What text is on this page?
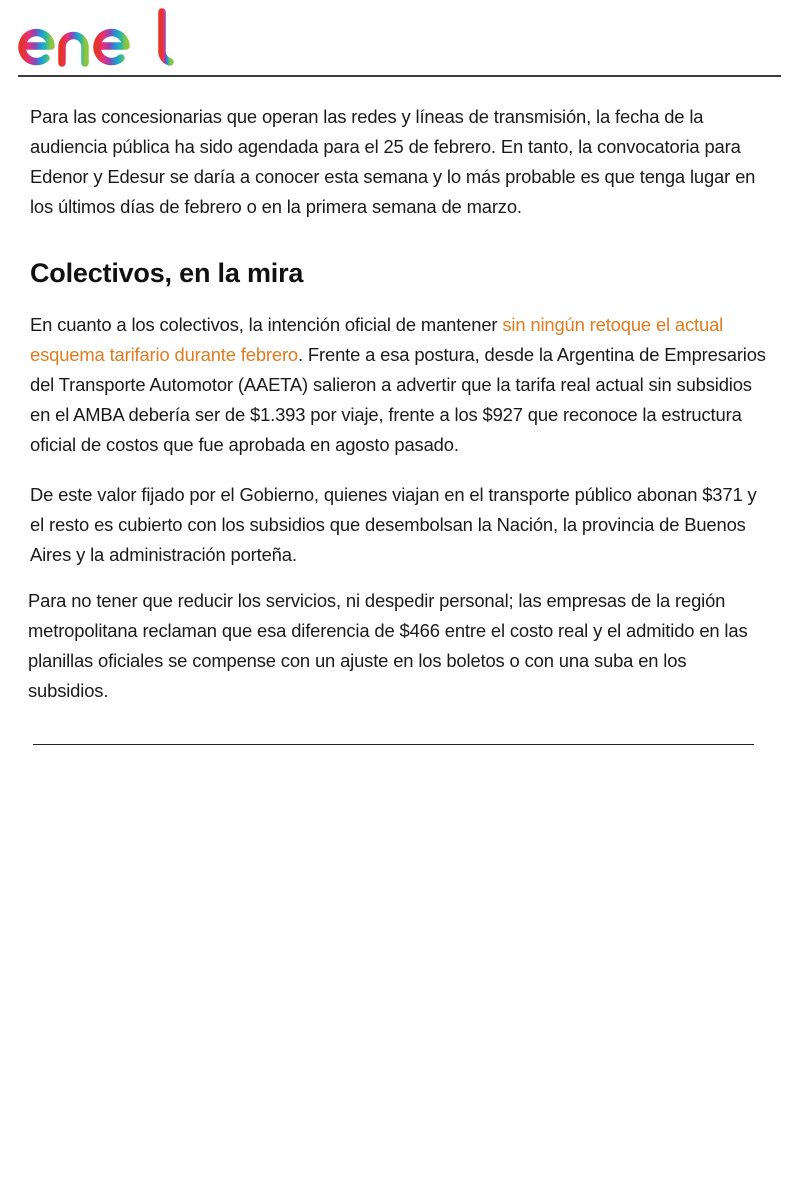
Para las concesionarias que operan las redes y líneas de transmisión, la fecha de la audiencia pública ha sido agendada para el 25 de febrero. En tanto, la convocatoria para Edenor y Edesur se daría a conocer esta semana y lo más probable es que tenga lugar en los últimos días de febrero o en la primera semana de marzo.

Colectivos, en la mira

En cuanto a los colectivos, la intención oficial de mantener sin ningún retoque el actual esquema tarifario durante febrero. Frente a esa postura, desde la Argentina de Empresarios del Transporte Automotor (AAETA) salieron a advertir que la tarifa real actual sin subsidios en el AMBA debería ser de $1.393 por viaje, frente a los $927 que reconoce la estructura oficial de costos que fue aprobada en agosto pasado.

De este valor fijado por el Gobierno, quienes viajan en el transporte público abonan $371 y el resto es cubierto con los subsidios que desembolsan la Nación, la provincia de Buenos Aires y la administración porteña.

Para no tener que reducir los servicios, ni despedir personal; las empresas de la región metropolitana reclaman que esa diferencia de $466 entre el costo real y el admitido en las planillas oficiales se compense con un ajuste en los boletos o con una suba en los subsidios.
